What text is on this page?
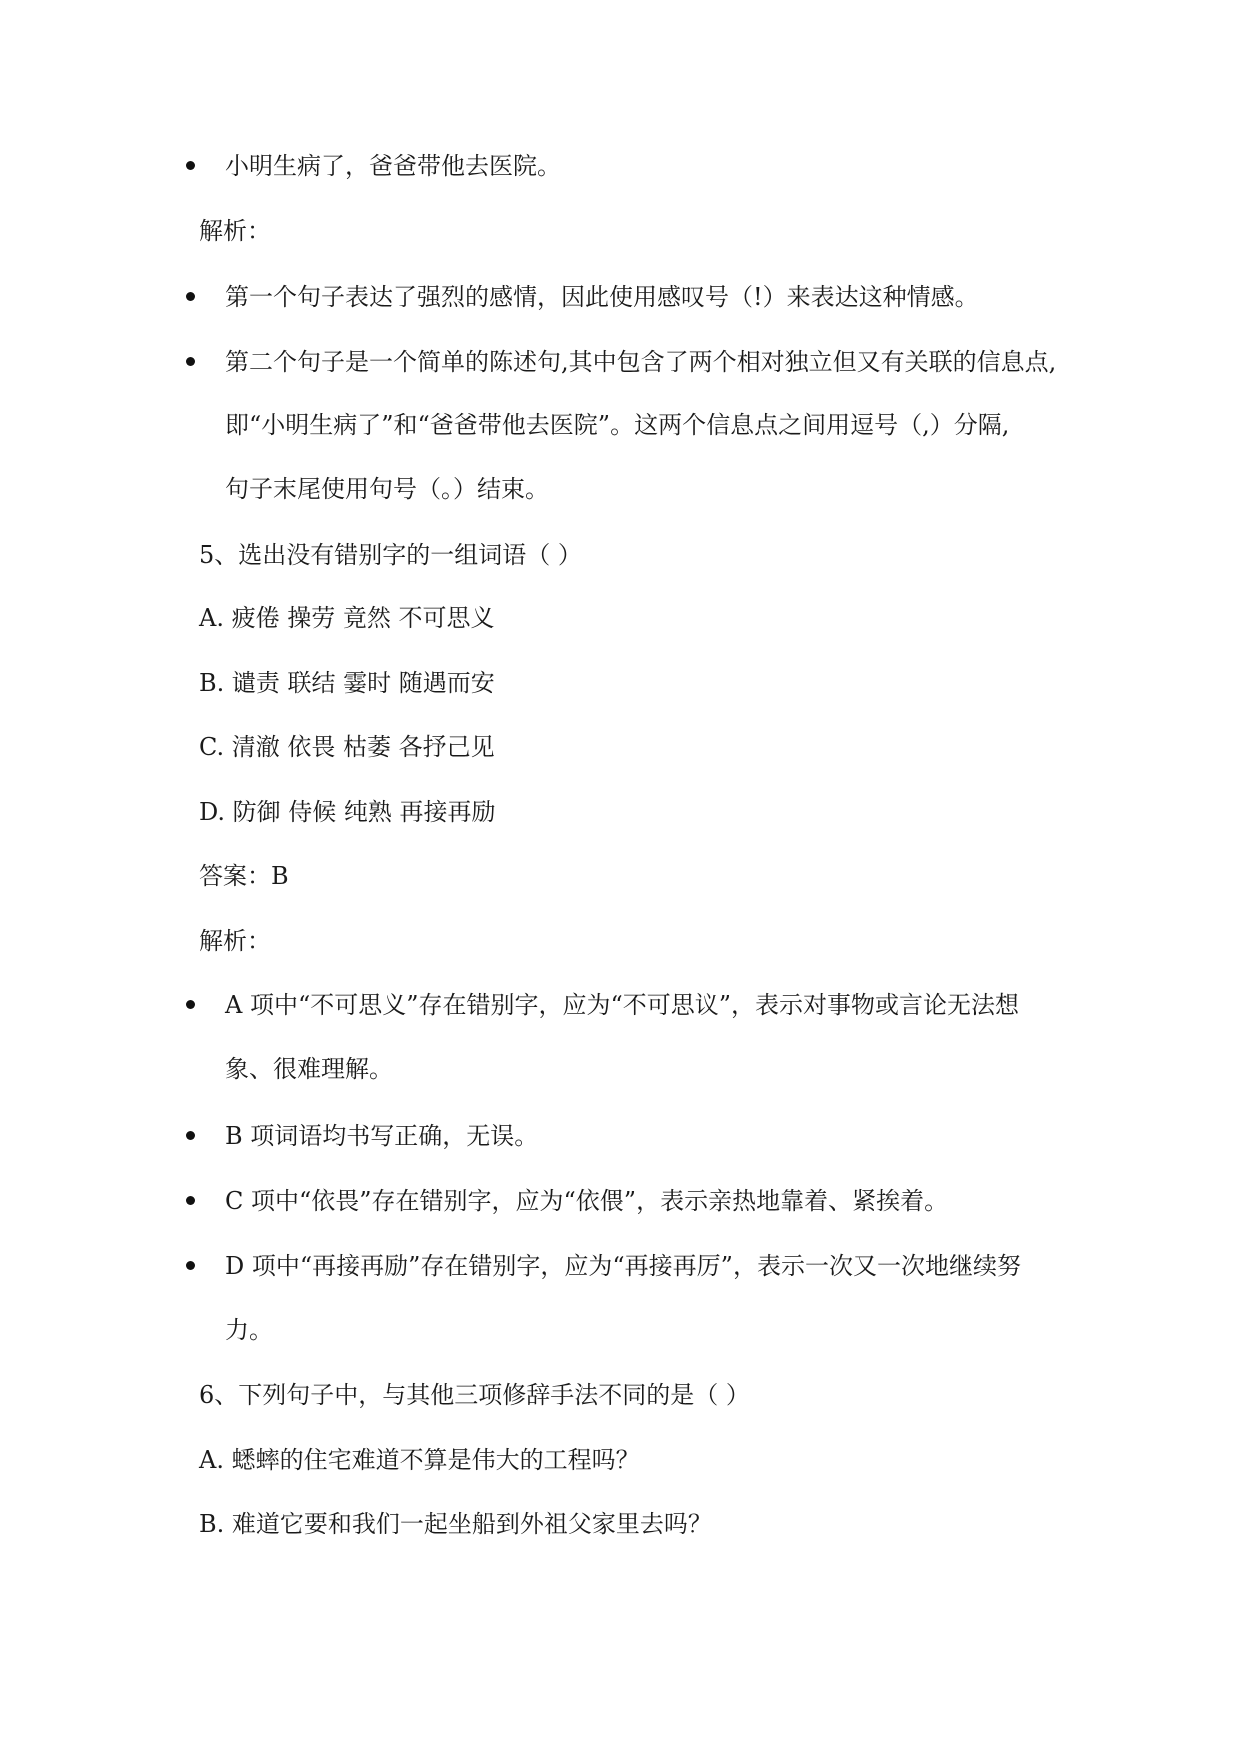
小明生病了，爸爸带他去医院。
解析：
第一个句子表达了强烈的感情，因此使用感叹号（!）来表达这种情感。
第二个句子是一个简单的陈述句,其中包含了两个相对独立但又有关联的信息点,
即“小明生病了”和“爸爸带他去医院”。这两个信息点之间用逗号（,）分隔,
句子末尾使用句号（。）结束。
5、选出没有错别字的一组词语（ ）
A. 疲倦 操劳 竟然 不可思义
B. 谴责 联结 霎时 随遇而安
C. 清澈 依畏 枯萎 各抒己见
D. 防御 侍候 纯熟 再接再励
答案：B
解析：
A 项中“不可思义”存在错别字，应为“不可思议”，表示对事物或言论无法想
象、很难理解。
B 项词语均书写正确，无误。
C 项中“依畏”存在错别字，应为“依偎”，表示亲热地靠着、紧挨着。
D 项中“再接再励”存在错别字，应为“再接再厉”，表示一次又一次地继续努
力。
6、下列句子中，与其他三项修辞手法不同的是（ ）
A. 蟋蟀的住宅难道不算是伟大的工程吗？
B. 难道它要和我们一起坐船到外祖父家里去吗？
